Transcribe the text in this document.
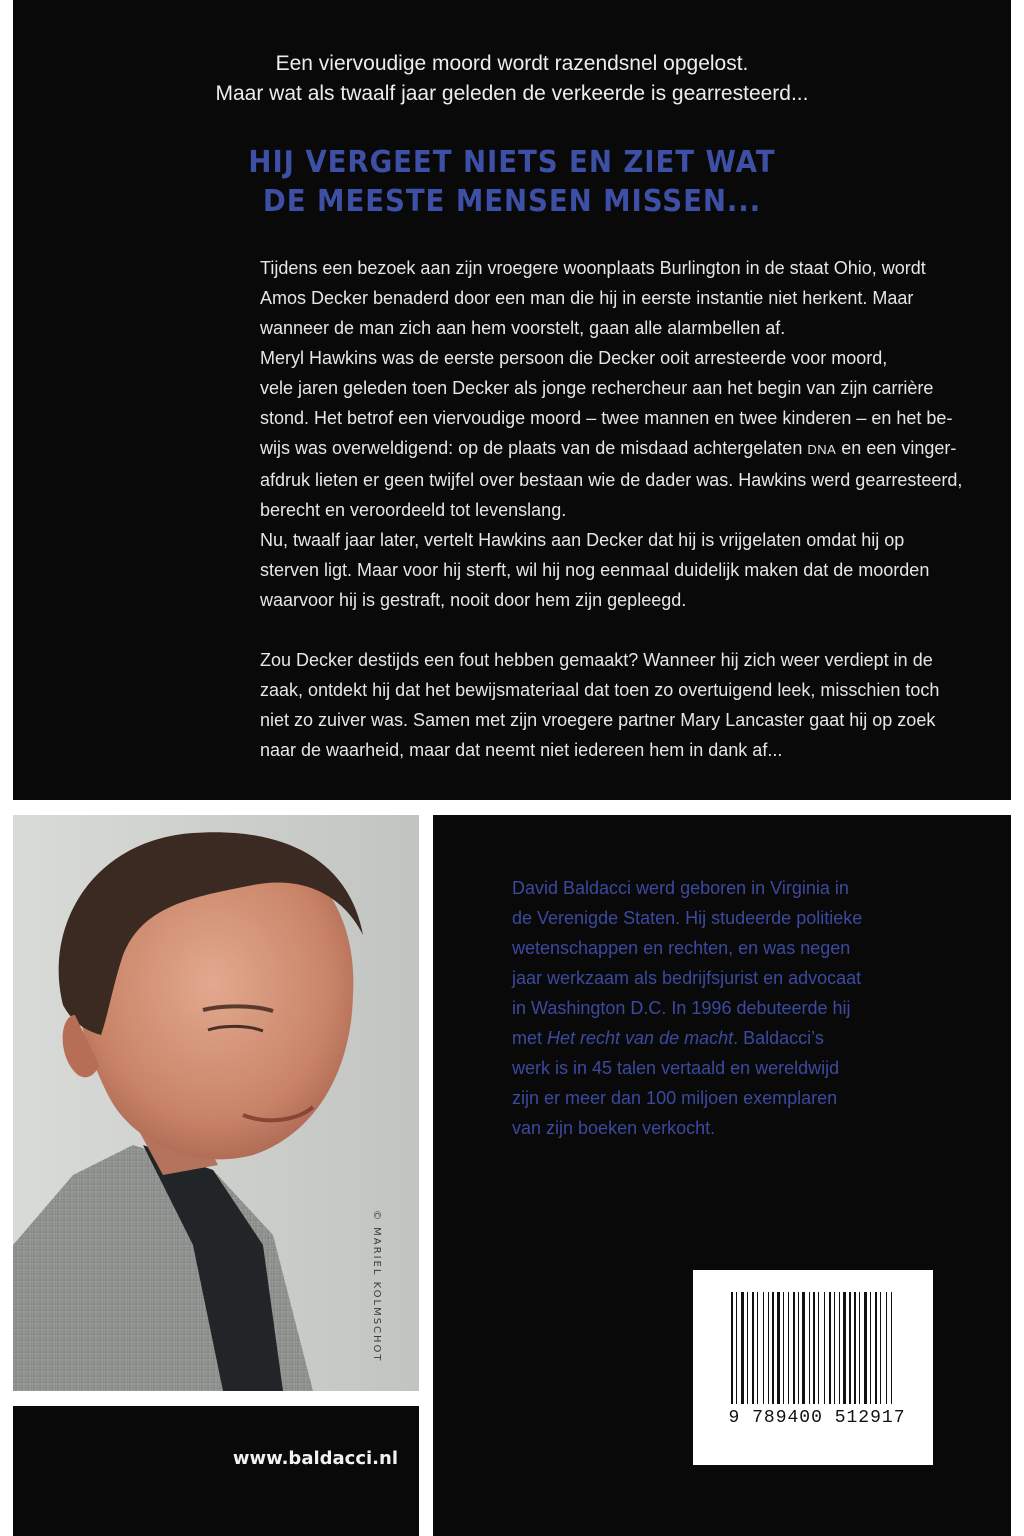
Een viervoudige moord wordt razendsnel opgelost.
Maar wat als twaalf jaar geleden de verkeerde is gearresteerd...
HIJ VERGEET NIETS EN ZIET WAT
DE MEESTE MENSEN MISSEN...
Tijdens een bezoek aan zijn vroegere woonplaats Burlington in de staat Ohio, wordt
Amos Decker benaderd door een man die hij in eerste instantie niet herkent. Maar
wanneer de man zich aan hem voorstelt, gaan alle alarmbellen af.
Meryl Hawkins was de eerste persoon die Decker ooit arresteerde voor moord,
vele jaren geleden toen Decker als jonge rechercheur aan het begin van zijn carrière
stond. Het betrof een viervoudige moord – twee mannen en twee kinderen – en het be-
wijs was overweldigend: op de plaats van de misdaad achtergelaten DNA en een vinger-
afdruk lieten er geen twijfel over bestaan wie de dader was. Hawkins werd gearresteerd,
berecht en veroordeeld tot levenslang.
Nu, twaalf jaar later, vertelt Hawkins aan Decker dat hij is vrijgelaten omdat hij op
sterven ligt. Maar voor hij sterft, wil hij nog eenmaal duidelijk maken dat de moorden
waarvoor hij is gestraft, nooit door hem zijn gepleegd.
Zou Decker destijds een fout hebben gemaakt? Wanneer hij zich weer verdiept in de
zaak, ontdekt hij dat het bewijsmateriaal dat toen zo overtuigend leek, misschien toch
niet zo zuiver was. Samen met zijn vroegere partner Mary Lancaster gaat hij op zoek
naar de waarheid, maar dat neemt niet iedereen hem in dank af...
© MARIEL KOLMSCHOT
www.baldacci.nl
David Baldacci werd geboren in Virginia in
de Verenigde Staten. Hij studeerde politieke
wetenschappen en rechten, en was negen
jaar werkzaam als bedrijfsjurist en advocaat
in Washington D.C. In 1996 debuteerde hij
met Het recht van de macht. Baldacci’s
werk is in 45 talen vertaald en wereldwijd
zijn er meer dan 100 miljoen exemplaren
van zijn boeken verkocht.
9 789400 512917
